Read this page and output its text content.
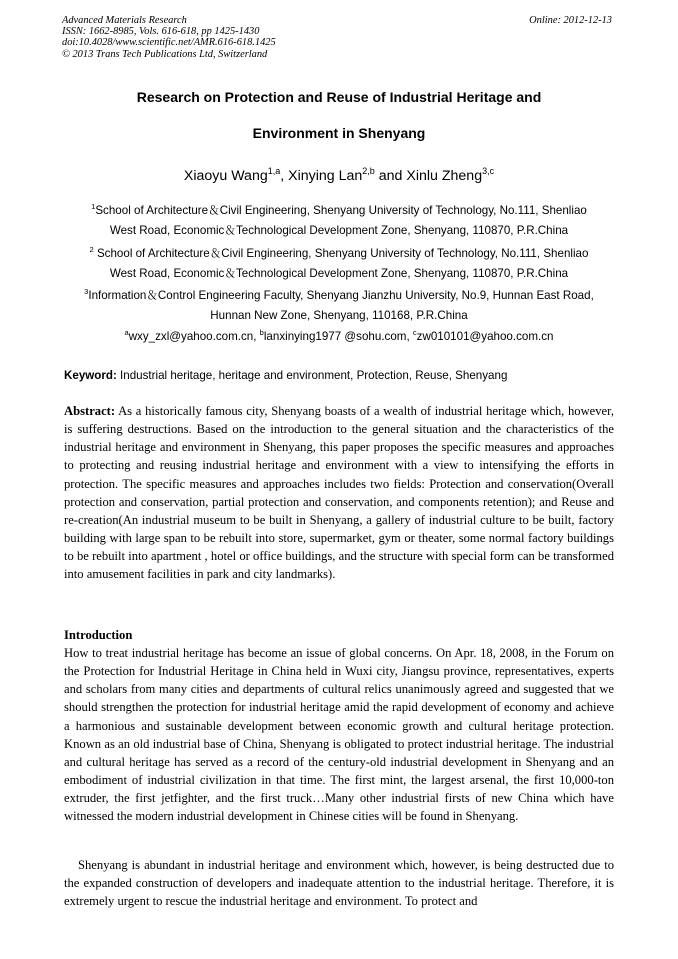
Advanced Materials Research
ISSN: 1662-8985, Vols. 616-618, pp 1425-1430
doi:10.4028/www.scientific.net/AMR.616-618.1425
© 2013 Trans Tech Publications Ltd, Switzerland
Online: 2012-12-13
Research on Protection and Reuse of Industrial Heritage and
Environment in Shenyang
Xiaoyu Wang$^{1,a}$, Xinying Lan$^{2,b}$ and Xinlu Zheng$^{3,c}$
$^1$School of Architecture＆Civil Engineering, Shenyang University of Technology, No.111, Shenliao
West Road, Economic＆Technological Development Zone, Shenyang, 110870, P.R.China
$^2$ School of Architecture＆Civil Engineering, Shenyang University of Technology, No.111, Shenliao
West Road, Economic＆Technological Development Zone, Shenyang, 110870, P.R.China
$^3$Information＆Control Engineering Faculty, Shenyang Jianzhu University, No.9, Hunnan East Road,
Hunnan New Zone, Shenyang, 110168, P.R.China
$^a$wxy_zxl@yahoo.com.cn, $^b$lanxinying1977 @sohu.com, $^c$zw010101@yahoo.com.cn
Keyword: Industrial heritage, heritage and environment, Protection, Reuse, Shenyang
Abstract: As a historically famous city, Shenyang boasts of a wealth of industrial heritage which, however, is suffering destructions. Based on the introduction to the general situation and the characteristics of the industrial heritage and environment in Shenyang, this paper proposes the specific measures and approaches to protecting and reusing industrial heritage and environment with a view to intensifying the efforts in protection. The specific measures and approaches includes two fields: Protection and conservation(Overall protection and conservation, partial protection and conservation, and components retention); and Reuse and re-creation(An industrial museum to be built in Shenyang, a gallery of industrial culture to be built, factory building with large span to be rebuilt into store, supermarket, gym or theater, some normal factory buildings to be rebuilt into apartment , hotel or office buildings, and the structure with special form can be transformed into amusement facilities in park and city landmarks).
Introduction
How to treat industrial heritage has become an issue of global concerns. On Apr. 18, 2008, in the Forum on the Protection for Industrial Heritage in China held in Wuxi city, Jiangsu province, representatives, experts and scholars from many cities and departments of cultural relics unanimously agreed and suggested that we should strengthen the protection for industrial heritage amid the rapid development of economy and achieve a harmonious and sustainable development between economic growth and cultural heritage protection. Known as an old industrial base of China, Shenyang is obligated to protect industrial heritage. The industrial and cultural heritage has served as a record of the century-old industrial development in Shenyang and an embodiment of industrial civilization in that time. The first mint, the largest arsenal, the first 10,000-ton extruder, the first jetfighter, and the first truck…Many other industrial firsts of new China which have witnessed the modern industrial development in Chinese cities will be found in Shenyang.
Shenyang is abundant in industrial heritage and environment which, however, is being destructed due to the expanded construction of developers and inadequate attention to the industrial heritage. Therefore, it is extremely urgent to rescue the industrial heritage and environment. To protect and
